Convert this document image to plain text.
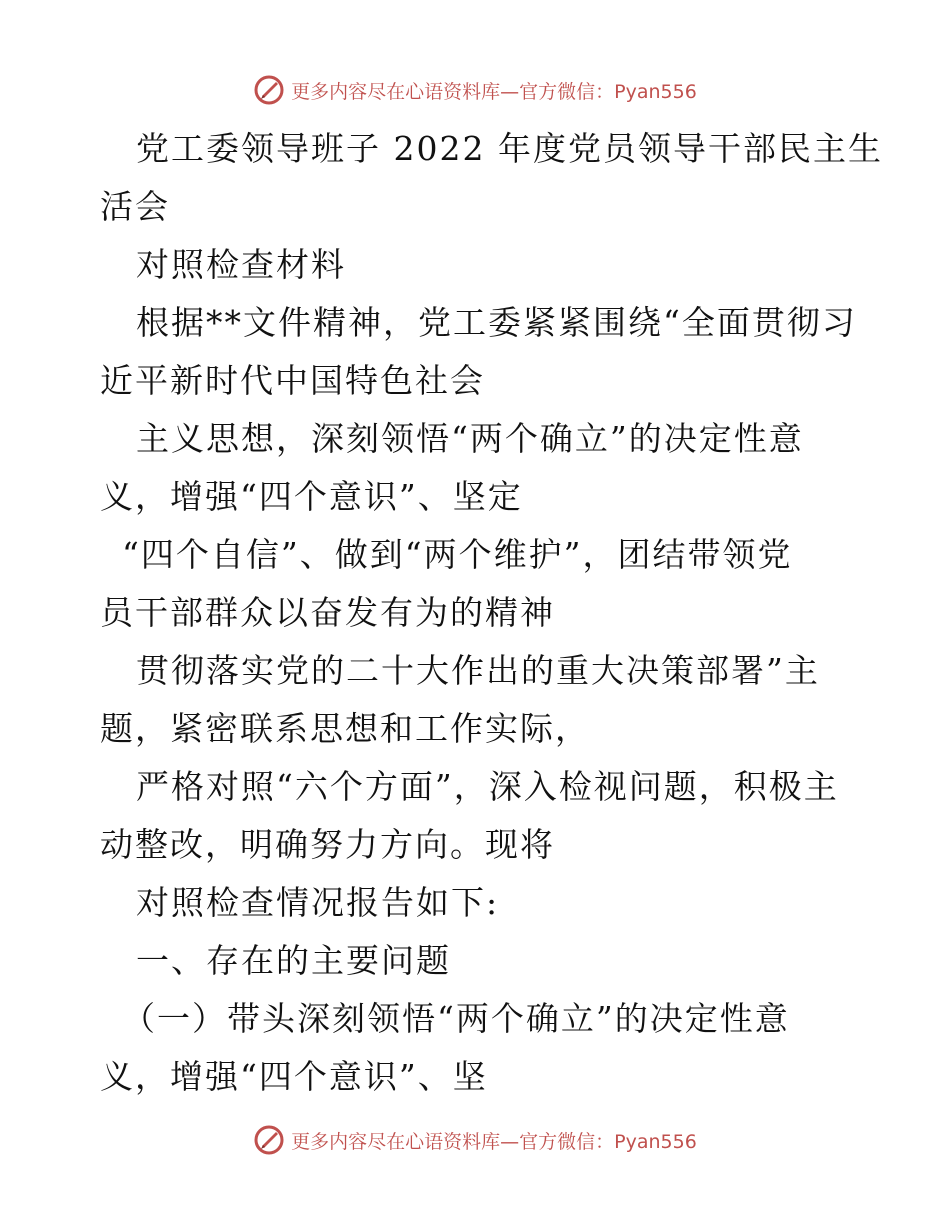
更多内容尽在心语资料库—官方微信：Pyan556
党工委领导班子 2022 年度党员领导干部民主生
活会
对照检查材料
根据**文件精神，党工委紧紧围绕“全面贯彻习
近平新时代中国特色社会
主义思想，深刻领悟“两个确立”的决定性意
义，增强“四个意识”、坚定
“四个自信”、做到“两个维护”，团结带领党
员干部群众以奋发有为的精神
贯彻落实党的二十大作出的重大决策部署”主
题，紧密联系思想和工作实际，
严格对照“六个方面”，深入检视问题，积极主
动整改，明确努力方向。现将
对照检查情况报告如下:
一、存在的主要问题
（一）带头深刻领悟“两个确立”的决定性意
义，增强“四个意识”、坚
更多内容尽在心语资料库—官方微信：Pyan556
